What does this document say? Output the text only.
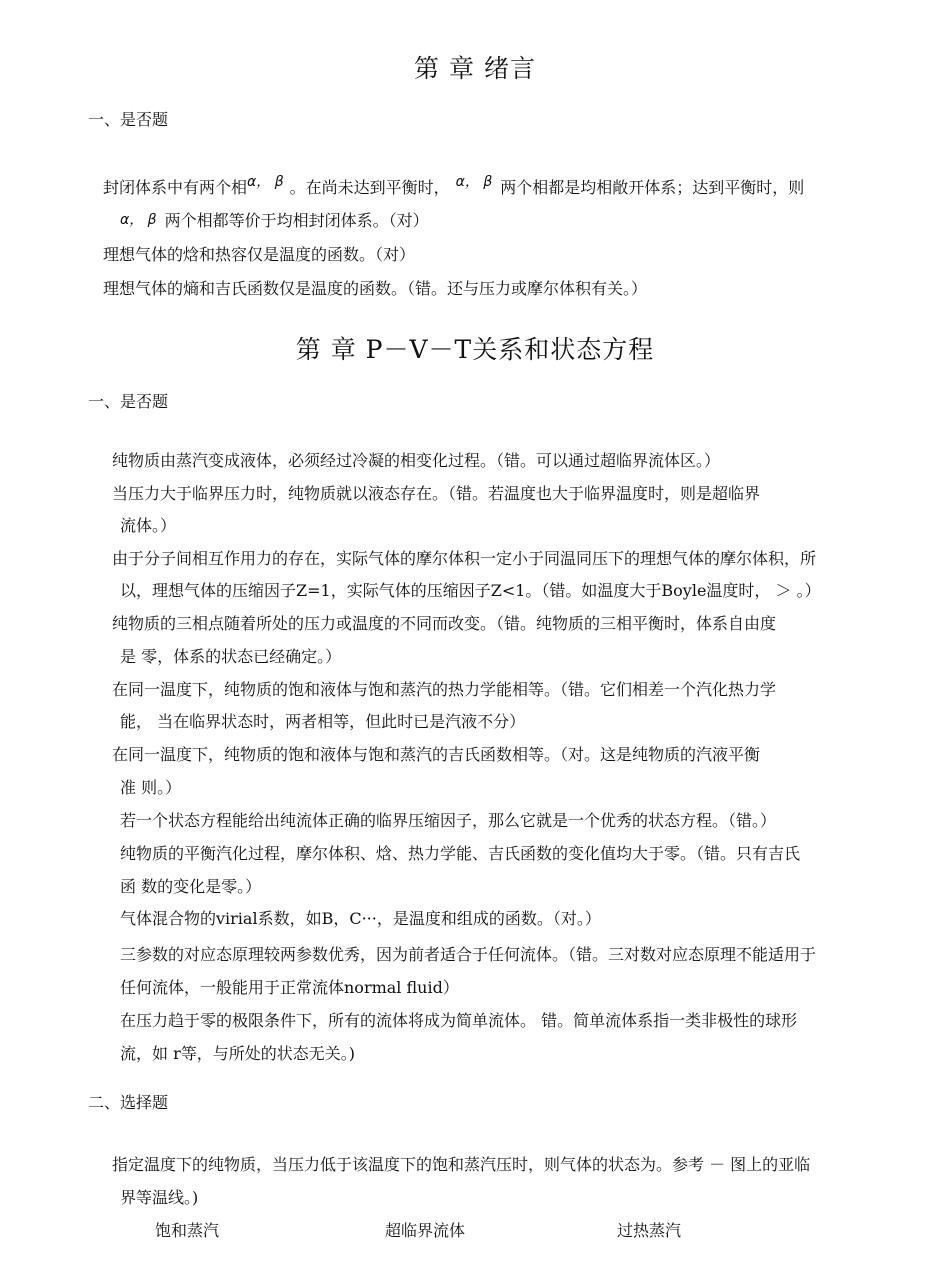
第 章 绪言
一、是否题
封闭体系中有两个相α， β 。在尚未达到平衡时， α， β 两个相都是均相敞开体系；达到平衡时，则
α， β 两个相都等价于均相封闭体系。（对）
理想气体的焓和热容仅是温度的函数。（对）
理想气体的熵和吉氏函数仅是温度的函数。（错。还与压力或摩尔体积有关。）
第 章 P－V－T关系和状态方程
一、是否题
纯物质由蒸汽变成液体，必须经过冷凝的相变化过程。（错。可以通过超临界流体区。）
当压力大于临界压力时，纯物质就以液态存在。（错。若温度也大于临界温度时，则是超临界
流体。）
由于分子间相互作用力的存在，实际气体的摩尔体积一定小于同温同压下的理想气体的摩尔体积，所
以，理想气体的压缩因子Z=1，实际气体的压缩因子Z<1。（错。如温度大于Boyle温度时， ＞ 。）
纯物质的三相点随着所处的压力或温度的不同而改变。（错。纯物质的三相平衡时，体系自由度
是 零，体系的状态已经确定。）
在同一温度下，纯物质的饱和液体与饱和蒸汽的热力学能相等。（错。它们相差一个汽化热力学
能， 当在临界状态时，两者相等，但此时已是汽液不分）
在同一温度下，纯物质的饱和液体与饱和蒸汽的吉氏函数相等。（对。这是纯物质的汽液平衡
准 则。）
若一个状态方程能给出纯流体正确的临界压缩因子，那么它就是一个优秀的状态方程。（错。）
纯物质的平衡汽化过程，摩尔体积、焓、热力学能、吉氏函数的变化值均大于零。（错。只有吉氏
函 数的变化是零。）
气体混合物的virial系数，如B，C···，是温度和组成的函数。（对。）
三参数的对应态原理较两参数优秀，因为前者适合于任何流体。（错。三对数对应态原理不能适用于
任何流体，一般能用于正常流体normal fluid）
在压力趋于零的极限条件下，所有的流体将成为简单流体。 错。简单流体系指一类非极性的球形
流，如 r等，与所处的状态无关。)
二、选择题
指定温度下的纯物质，当压力低于该温度下的饱和蒸汽压时，则气体的状态为。参考 － 图上的亚临
界等温线。)
饱和蒸汽	超临界流体	过热蒸汽
